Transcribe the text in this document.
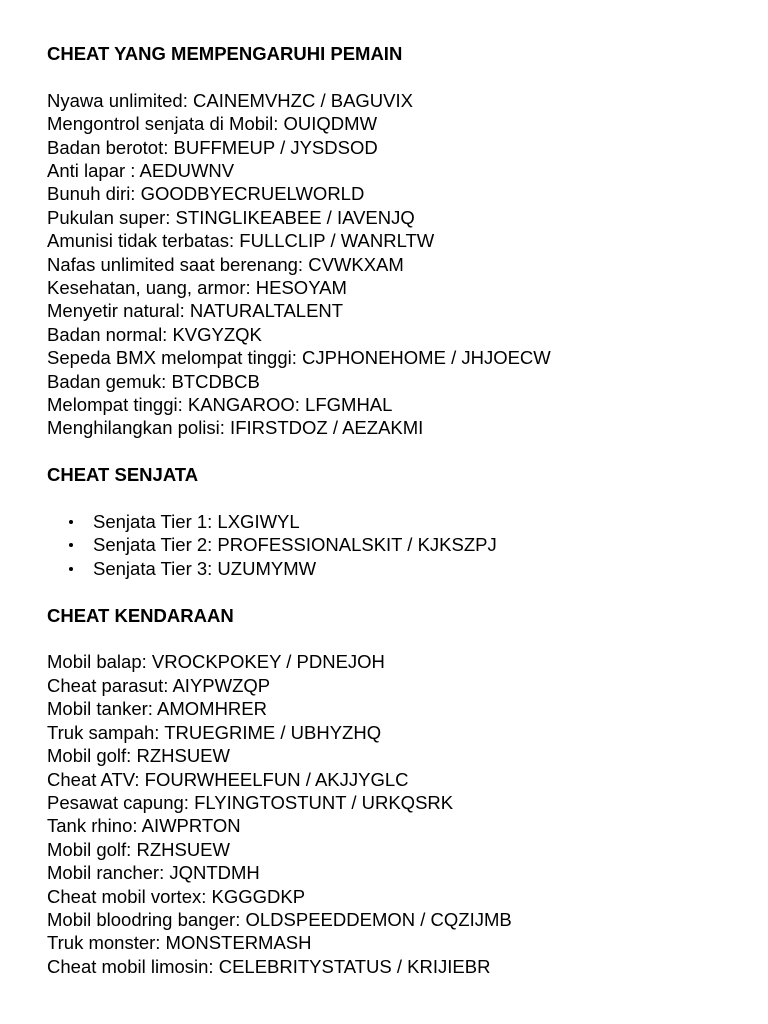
CHEAT YANG MEMPENGARUHI PEMAIN

Nyawa unlimited: CAINEMVHZC / BAGUVIX

Mengontrol senjata di Mobil: OUIQDMW

Badan berotot: BUFFMEUP / JYSDSOD

Anti lapar : AEDUWNV

Bunuh diri: GOODBYECRUELWORLD

Pukulan super: STINGLIKEABEE / IAVENJQ

Amunisi tidak terbatas: FULLCLIP / WANRLTW

Nafas unlimited saat berenang: CVWKXAM

Kesehatan, uang, armor: HESOYAM

Menyetir natural: NATURALTALENT

Badan normal: KVGYZQK

Sepeda BMX melompat tinggi: CJPHONEHOME / JHJOECW

Badan gemuk: BTCDBCB

Melompat tinggi: KANGAROO: LFGMHAL

Menghilangkan polisi: IFIRSTDOZ / AEZAKMI

CHEAT SENJATA

Senjata Tier 1: LXGIWYL
Senjata Tier 2: PROFESSIONALSKIT / KJKSZPJ
Senjata Tier 3: UZUMYMW

CHEAT KENDARAAN

Mobil balap: VROCKPOKEY / PDNEJOH

Cheat parasut: AIYPWZQP

Mobil tanker: AMOMHRER

Truk sampah: TRUEGRIME / UBHYZHQ

Mobil golf: RZHSUEW

Cheat ATV: FOURWHEELFUN / AKJJYGLC

Pesawat capung: FLYINGTOSTUNT / URKQSRK

Tank rhino: AIWPRTON

Mobil golf: RZHSUEW

Mobil rancher: JQNTDMH

Cheat mobil vortex: KGGGDKP

Mobil bloodring banger: OLDSPEEDDEMON / CQZIJMB

Truk monster: MONSTERMASH

Cheat mobil limosin: CELEBRITYSTATUS / KRIJIEBR
